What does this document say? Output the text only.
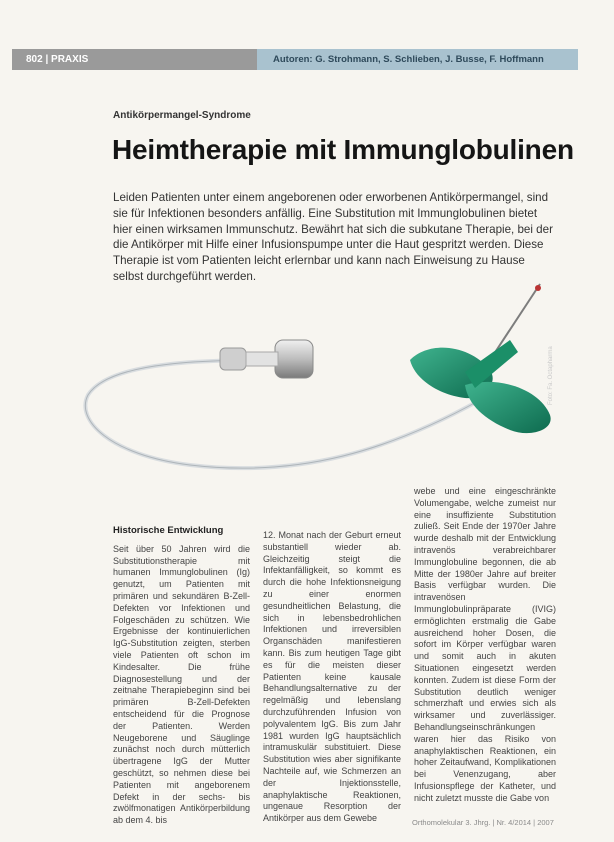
802 | PRAXIS	Autoren: G. Strohmann, S. Schlieben, J. Busse, F. Hoffmann
Antikörpermangel-Syndrome
Heimtherapie mit Immunglobulinen
Leiden Patienten unter einem angeborenen oder erworbenen Antikörpermangel, sind sie für Infektionen besonders anfällig. Eine Substitution mit Immunglobulinen bietet hier einen wirksamen Immunschutz. Bewährt hat sich die subkutane Therapie, bei der die Antikörper mit Hilfe einer Infusionspumpe unter die Haut gespritzt werden. Diese Therapie ist vom Patienten leicht erlernbar und kann nach Einweisung zu Hause selbst durchgeführt werden.
Foto: Fa. Octapharma
Historische Entwicklung

Seit über 50 Jahren wird die Substitutionstherapie mit humanen Immunglobulinen (Ig) genutzt, um Patienten mit primären und sekundären B-Zell-Defekten vor Infektionen und Folgeschäden zu schützen. Wie Ergebnisse der kontinuierlichen IgG-Substitution zeigten, sterben viele Patienten oft schon im Kindesalter. Die frühe Diagnosestellung und der zeitnahe Therapiebeginn sind bei primären B-Zell-Defekten entscheidend für die Prognose der Patienten. Werden Neugeborene und Säuglinge zunächst noch durch mütterlich übertragene IgG der Mutter geschützt, so nehmen diese bei Patienten mit angeborenem Defekt in der sechs- bis zwölfmonatigen Antikörperbildung ab dem 4. bis

12. Monat nach der Geburt erneut substantiell wieder ab. Gleichzeitig steigt die Infektanfälligkeit, so kommt es durch die hohe Infektionsneigung zu einer enormen gesundheitlichen Belastung, die sich in lebensbedrohlichen Infektionen und irreversiblen Organschäden manifestieren kann. Bis zum heutigen Tage gibt es für die meisten dieser Patienten keine kausale Behandlungsalternative zu der regelmäßig und lebenslang durchzuführenden Infusion von polyvalentem IgG. Bis zum Jahr 1981 wurden IgG hauptsächlich intramuskulär substituiert. Diese Substitution wies aber signifikante Nachteile auf, wie Schmerzen an der Injektionsstelle, anaphylaktische Reaktionen, ungenaue Resorption der Antikörper aus dem Gewebe

webe und eine eingeschränkte Volumengabe, welche zumeist nur eine insuffiziente Substitution zuließ. Seit Ende der 1970er Jahre wurde deshalb mit der Entwicklung intravenös verabreichbarer Immunglobuline begonnen, die ab Mitte der 1980er Jahre auf breiter Basis verfügbar wurden. Die intravenösen Immunglobulinpräparate (IVIG) ermöglichten erstmalig die Gabe ausreichend hoher Dosen, die sofort im Körper verfügbar waren und somit auch in akuten Situationen eingesetzt werden konnten. Zudem ist diese Form der Substitution deutlich weniger schmerzhaft und erwies sich als wirksamer und zuverlässiger. Behandlungseinschränkungen waren hier das Risiko von anaphylaktischen Reaktionen, ein hoher Zeitaufwand, Komplikationen bei Venenzugang, aber Infusionspflege der Katheter, und nicht zuletzt musste die Gabe von

Orthomolekular 3. Jhrg. | Nr. 4/2014 | 2007
